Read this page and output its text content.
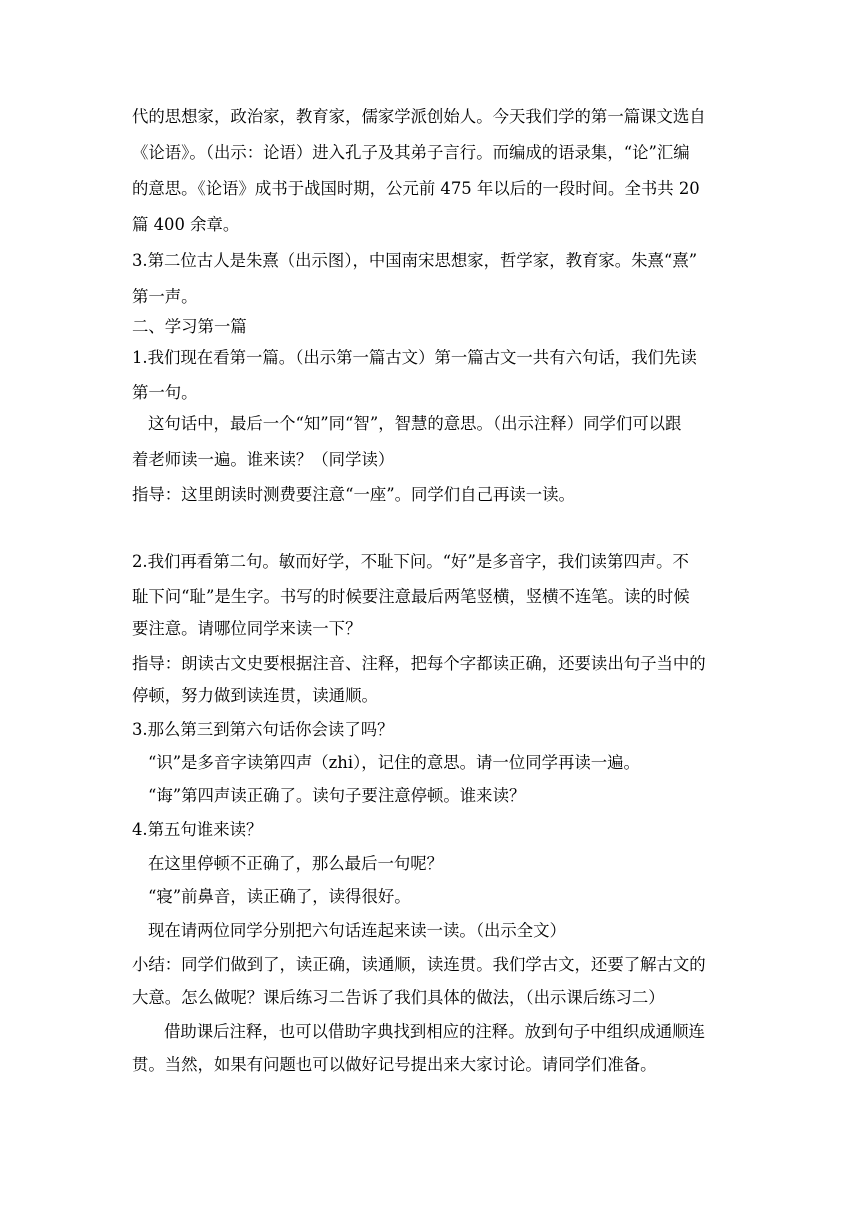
代的思想家，政治家，教育家，儒家学派创始人。今天我们学的第一篇课文选自
《论语》。（出示：论语）进入孔子及其弟子言行。而编成的语录集，“论”汇编
的意思。《论语》成书于战国时期，公元前 475 年以后的一段时间。全书共 20
篇 400 余章。
3.第二位古人是朱熹（出示图），中国南宋思想家，哲学家，教育家。朱熹“熹”
第一声。
二、学习第一篇
1.我们现在看第一篇。（出示第一篇古文）第一篇古文一共有六句话，我们先读
第一句。
这句话中，最后一个“知”同“智”，智慧的意思。（出示注释）同学们可以跟
着老师读一遍。谁来读？（同学读）
指导：这里朗读时测费要注意“一座”。同学们自己再读一读。
2.我们再看第二句。敏而好学，不耻下问。“好”是多音字，我们读第四声。不
耻下问“耻”是生字。书写的时候要注意最后两笔竖横，竖横不连笔。读的时候
要注意。请哪位同学来读一下？
指导：朗读古文史要根据注音、注释，把每个字都读正确，还要读出句子当中的
停顿，努力做到读连贯，读通顺。
3.那么第三到第六句话你会读了吗？
“识”是多音字读第四声（zhi），记住的意思。请一位同学再读一遍。
“诲”第四声读正确了。读句子要注意停顿。谁来读？
4.第五句谁来读？
在这里停顿不正确了，那么最后一句呢？
“寝”前鼻音，读正确了，读得很好。
现在请两位同学分别把六句话连起来读一读。（出示全文）
小结：同学们做到了，读正确，读通顺，读连贯。我们学古文，还要了解古文的
大意。怎么做呢？课后练习二告诉了我们具体的做法，（出示课后练习二）
借助课后注释，也可以借助字典找到相应的注释。放到句子中组织成通顺连
贯。当然，如果有问题也可以做好记号提出来大家讨论。请同学们准备。
